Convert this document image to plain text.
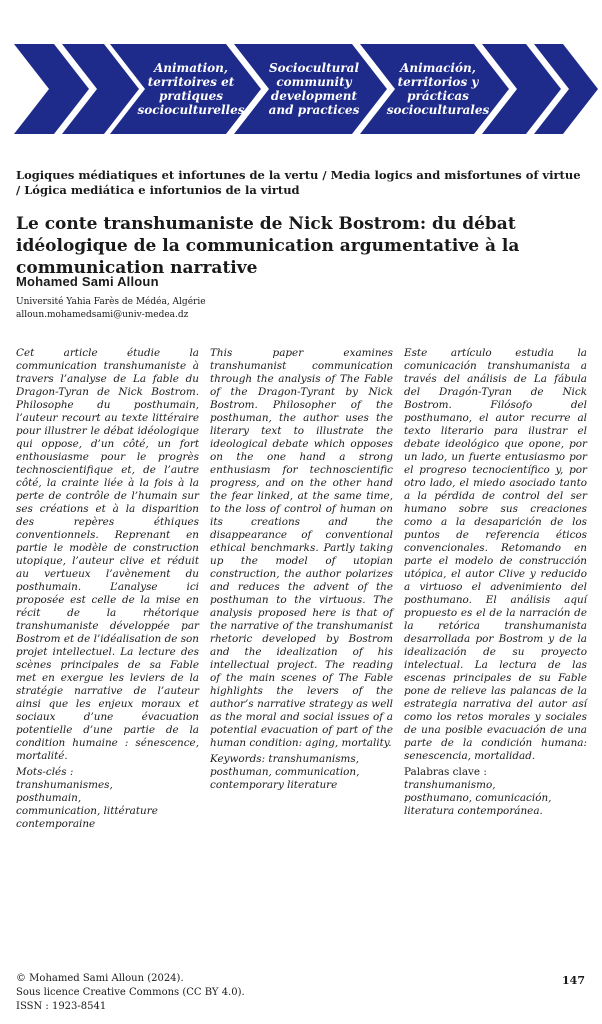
Animation,
territoires et
pratiques
socioculturelles
Sociocultural
community
development
and practices
Animación,
territorios y
prácticas
socioculturales
Logiques médiatiques et infortunes de la vertu / Media logics and misfortunes of virtue / Lógica mediática e infortunios de la virtud
Le conte transhumaniste de Nick Bostrom: du débat idéologique de la communication argumentative à la communication narrative
Mohamed Sami Alloun
Université Yahia Farès de Médéa, Algérie
alloun.mohamedsami@univ-medea.dz

Cet article étudie la communication transhumaniste à travers l’analyse de La fable du Dragon-Tyran de Nick Bostrom. Philosophe du posthumain, l’auteur recourt au texte littéraire pour illustrer le débat idéologique qui oppose, d’un côté, un fort enthousiasme pour le progrès technoscientifique et, de l’autre côté, la crainte liée à la fois à la perte de contrôle de l’humain sur ses créations et à la disparition des repères éthiques conventionnels. Reprenant en partie le modèle de construction utopique, l’auteur clive et réduit au vertueux l’avènement du posthumain. L’analyse ici proposée est celle de la mise en récit de la rhétorique transhumaniste développée par Bostrom et de l’idéalisation de son projet intellectuel. La lecture des scènes principales de sa Fable met en exergue les leviers de la stratégie narrative de l’auteur ainsi que les enjeux moraux et sociaux d’une évacuation potentielle d’une partie de la condition humaine : sénescence, mortalité.

Mots-clés :
transhumanismes,
posthumain,
communication, littérature
contemporaine

This paper examines transhumanist communication through the analysis of The Fable of the Dragon-Tyrant by Nick Bostrom. Philosopher of the posthuman, the author uses the literary text to illustrate the ideological debate which opposes on the one hand a strong enthusiasm for technoscientific progress, and on the other hand the fear linked, at the same time, to the loss of control of human on its creations and the disappearance of conventional ethical benchmarks. Partly taking up the model of utopian construction, the author polarizes and reduces the advent of the posthuman to the virtuous. The analysis proposed here is that of the narrative of the transhumanist rhetoric developed by Bostrom and the idealization of his intellectual project. The reading of the main scenes of The Fable highlights the levers of the author’s narrative strategy as well as the moral and social issues of a potential evacuation of part of the human condition: aging, mortality.

Keywords: transhumanisms,
posthuman, communication,
contemporary literature

Este artículo estudia la comunicación transhumanista a través del análisis de La fábula del Dragón-Tyran de Nick Bostrom. Filósofo del posthumano, el autor recurre al texto literario para ilustrar el debate ideológico que opone, por un lado, un fuerte entusiasmo por el progreso tecnocientífico y, por otro lado, el miedo asociado tanto a la pérdida de control del ser humano sobre sus creaciones como a la desaparición de los puntos de referencia éticos convencionales. Retomando en parte el modelo de construcción utópica, el autor Clive y reducido a virtuoso el advenimiento del posthumano. El análisis aquí propuesto es el de la narración de la retórica transhumanista desarrollada por Bostrom y de la idealización de su proyecto intelectual. La lectura de las escenas principales de su Fable pone de relieve las palancas de la estrategia narrativa del autor así como los retos morales y sociales de una posible evacuación de una parte de la condición humana: senescencia, mortalidad.

Palabras clave :
transhumanismo,
posthumano, comunicación,
literatura contemporánea.
© Mohamed Sami Alloun (2024).
Sous licence Creative Commons (CC BY 4.0).
ISSN : 1923-8541
147
